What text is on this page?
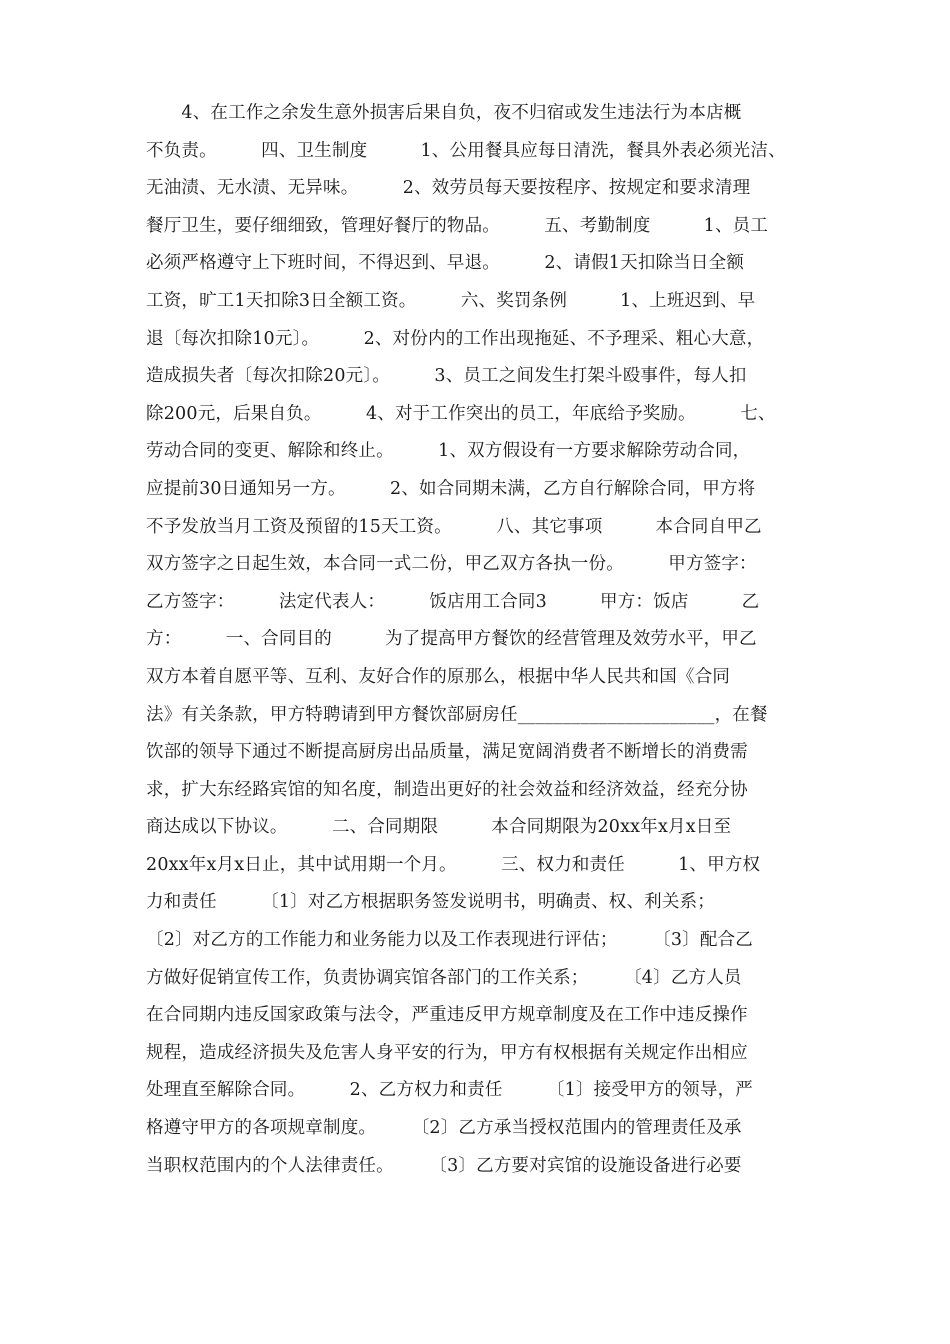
　　4、在工作之余发生意外损害后果自负，夜不归宿或发生违法行为本店概
不负责。　　　四、卫生制度　　　1、公用餐具应每日清洗，餐具外表必须光洁、
无油渍、无水渍、无异味。　　　2、效劳员每天要按程序、按规定和要求清理
餐厅卫生，要仔细细致，管理好餐厅的物品。　　　五、考勤制度　　　1、员工
必须严格遵守上下班时间，不得迟到、早退。　　　2、请假1天扣除当日全额
工资，旷工1天扣除3日全额工资。　　　六、奖罚条例　　　1、上班迟到、早
退〔每次扣除10元〕。　　　2、对份内的工作出现拖延、不予理采、粗心大意，
造成损失者〔每次扣除20元〕。　　　3、员工之间发生打架斗殴事件，每人扣
除200元，后果自负。　　　4、对于工作突出的员工，年底给予奖励。　　　七、
劳动合同的变更、解除和终止。　　　1、双方假设有一方要求解除劳动合同，
应提前30日通知另一方。　　　2、如合同期未满，乙方自行解除合同，甲方将
不予发放当月工资及预留的15天工资。　　　八、其它事项　　　本合同自甲乙
双方签字之日起生效，本合同一式二份，甲乙双方各执一份。　　　甲方签字：
乙方签字：　　　法定代表人：　　　饭店用工合同3　　　甲方：饭店　　　乙
方：　　　一、合同目的　　　为了提高甲方餐饮的经营管理及效劳水平，甲乙
双方本着自愿平等、互利、友好合作的原那么，根据中华人民共和国《合同
法》有关条款，甲方特聘请到甲方餐饮部厨房任______________________，在餐
饮部的领导下通过不断提高厨房出品质量，满足宽阔消费者不断增长的消费需
求，扩大东经路宾馆的知名度，制造出更好的社会效益和经济效益，经充分协
商达成以下协议。　　　二、合同期限　　　本合同期限为20xx年x月x日至
20xx年x月x日止，其中试用期一个月。　　　三、权力和责任　　　1、甲方权
力和责任　　　〔1〕对乙方根据职务签发说明书，明确责、权、利关系；
〔2〕对乙方的工作能力和业务能力以及工作表现进行评估；　　　〔3〕配合乙
方做好促销宣传工作，负责协调宾馆各部门的工作关系；　　　〔4〕乙方人员
在合同期内违反国家政策与法令，严重违反甲方规章制度及在工作中违反操作
规程，造成经济损失及危害人身平安的行为，甲方有权根据有关规定作出相应
处理直至解除合同。　　　2、乙方权力和责任　　　〔1〕接受甲方的领导，严
格遵守甲方的各项规章制度。　　　〔2〕乙方承当授权范围内的管理责任及承
当职权范围内的个人法律责任。　　　〔3〕乙方要对宾馆的设施设备进行必要
